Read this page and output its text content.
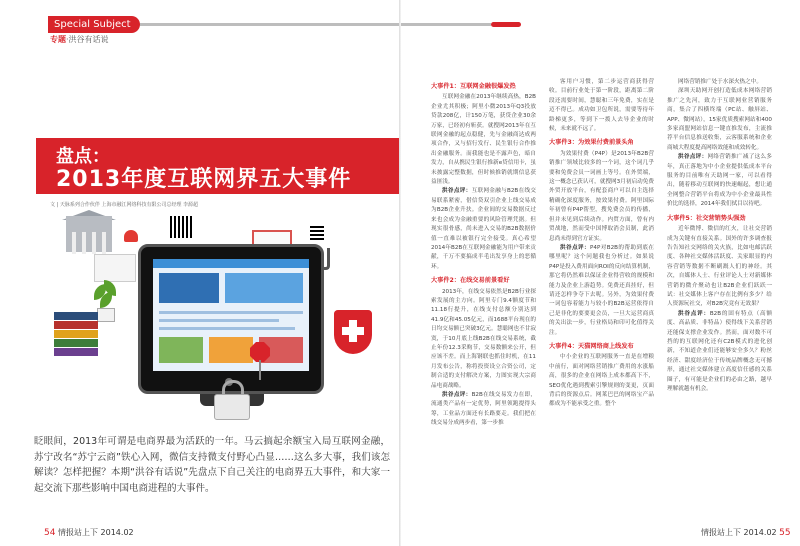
Special Subject
专题·洪谷有话说
盘点：
2013年度互联网界五大事件
文 | 天脉系列合作伙伴 上海市融江网络科技有限公司总经理 李源超

眨眼间，2013年可谓是电商界最为活跃的一年。马云搞起余额宝入局互联网金融，苏宁改名“苏宁云商”铁心入网，微信支持微支付野心凸显……这么多大事，我们该怎解读？怎样把握？本期“洪谷有话说”先盘点下自己关注的电商界五大事件，和大家一起交流下那些影响中国电商进程的大事件。

54 情报站上下 2014.02
大事件1：互联网金融很爆发热

互联网金融在2013年继续高热，B2B企业尤其积极；阿里小微2013年Q3投放贷款208亿，计150万笔，获贷企业30余万家，已经初有斩获。就搜网2013年在互联网金融的起点稳健，先与金融商达成两项合作，又与招行发行、民生银行合作推出金融服务。而我能也是不露声色，暗自发力，自从携民生银行推新e贷信用卡，虽未披露完整数据，但时候推销就期信息获益匪浅。

洪谷点评：互联网金融与B2B在线交易联系紧密，借信贷双引企业上线交易成为B2B企业升扶。企业间的交易数据反过来也会成为金融重要的风险管理凭据。但现实很骨感，尚未进入交易的B2B数据价值一直难以被银行完全接受。真心希望2014年B2B在互联网金融能为用户带来贡献，千万不要搞成半毛出发享身上的恶循环。

大事件2：在线交易前景看好

2013年，在线交易依然是B2B行业探索发展的主方向。阿里专门9.4额度节和11.18行提升，在线支付总额分别达到41.9亿和45.05亿元，而1688平台现在的日均交易额已突破3亿元。慧聪网也不甘寂寞，于10月底上线B2B在线交易系统，截止年份12.3采购节，交易数额来公开，但应该不差。而上海钢联也抓住时机，在11月发布公告，称将投资设立合资公司，定制合适的支付解决方案，力图实现大宗商品电商战略。

洪谷点评：B2B在线交易发力在即，流通类产品有一定优势，阿里领跑提得头筹，工业品方面还有长路要走。我们把在线交易分成两步看，第一步推

客用户习惯，第二步运营商获得营收。目前行业处于第一阶段，距离第二阶段还需要时间，慧聪和三年免费，实在是迈不得已。成功如卫包所说，需要等待年龄梯更多，等到下一拨人去导企业的时候，未来就不远了。

大事件3：为效果付费前景头角

为效果付费（P4P）是2013年B2B营销推广领域比较多的一个词，这个词几乎要和免费会员一词画上等号。在外贸端，这一概念已获认可，就搜网3月初启动免费外贸开放平台，有配套商户可以自主选择精确化深度服务，按效果付费。阿里国际年初曾有P4P帮型，搜免费会员的传播，但并未见到后续动作。内贸方面，曾有内贸战地，然而受中国博取消会员制，此消息尚未得到官方证实。

洪谷点评：P4P对B2B的帮助到底在哪里呢？这个问题我也分析过。如果说P4P是投入费用面向ROI的反向结算机制，那它将仍然难以保证企业得营收的规模和能力及企业上游趋势。免费还真挂好，但请还怎样争夺下去呢。另外，为效果付费一词包容着能力与较小的B2B运营依得自己是非化的要要更会员，一旦大运营商真的关出法一步，行业格局和印可化值得关注。

大事件4：天猫网络商上线发布

中小企业的互联网服务一直是在增粮中前行，面对网络营销推广费用的水涨船高，很多的企业在网络上成本都高下不，SEO优化遇到搜索引擎规则的变更，页面背后的资源点后。网莱巴巴的网络宝产品都成为不能承受之重。整个

网络营销推广处于水深火热之中。

深圳天助网开创打造低成本网络营销推广之先河，致力于互联网业营销服务商，集合了四横终端（PC站、触屏站、APP、微网站），15家优质搜索网站和400多家商盟网站信息一键直推发布，主流推荐平台信息推送收集，云客服系统和企业商城大程度提高网络效能和成效转化。

洪谷点评：网络营销推广减了这么多年，真正落地为中小企业提供低成本平台服务的目前唯有天助网一家，可以看得出，随着移动互联网的快速崛起，想让通全网整合营销平台将成为中小企业最具性价比的选择，2014年我们拭目以待吧。

大事件5：社交营销势头强劲

近年微博、微信的红火，让社交营销成为关键有直接关系。国外的许多调查报告告知社交网络的关火族，比如电邮活跃度、各种社交媒体活跃度、关家眼显的内容营销等数据不断刷溉人们的神经。其次，自媒体人士、行业评论人士对新媒体营销的微介聚动也让B2B企业们跃跃一试：社交媒体上客户存在比例有多少？给人资源玩社交，对B2B究竟有无效果？

洪谷点评：B2B的固有特点（高额度、高品质、非特品）使得线下关系营销还能保支撑企业发作。然而，面对数不可挡的的互联网化还有C2B模式的进化创新，不知道企业们还能够安全多久？粉丝经济、甜度经济位于传统品牌概念无可撼形，通过社交媒体建立高度信任感的关系圈子，有可能是企业们的必由之路，越早理解就越有机会。

情报站上下 2014.02 55
